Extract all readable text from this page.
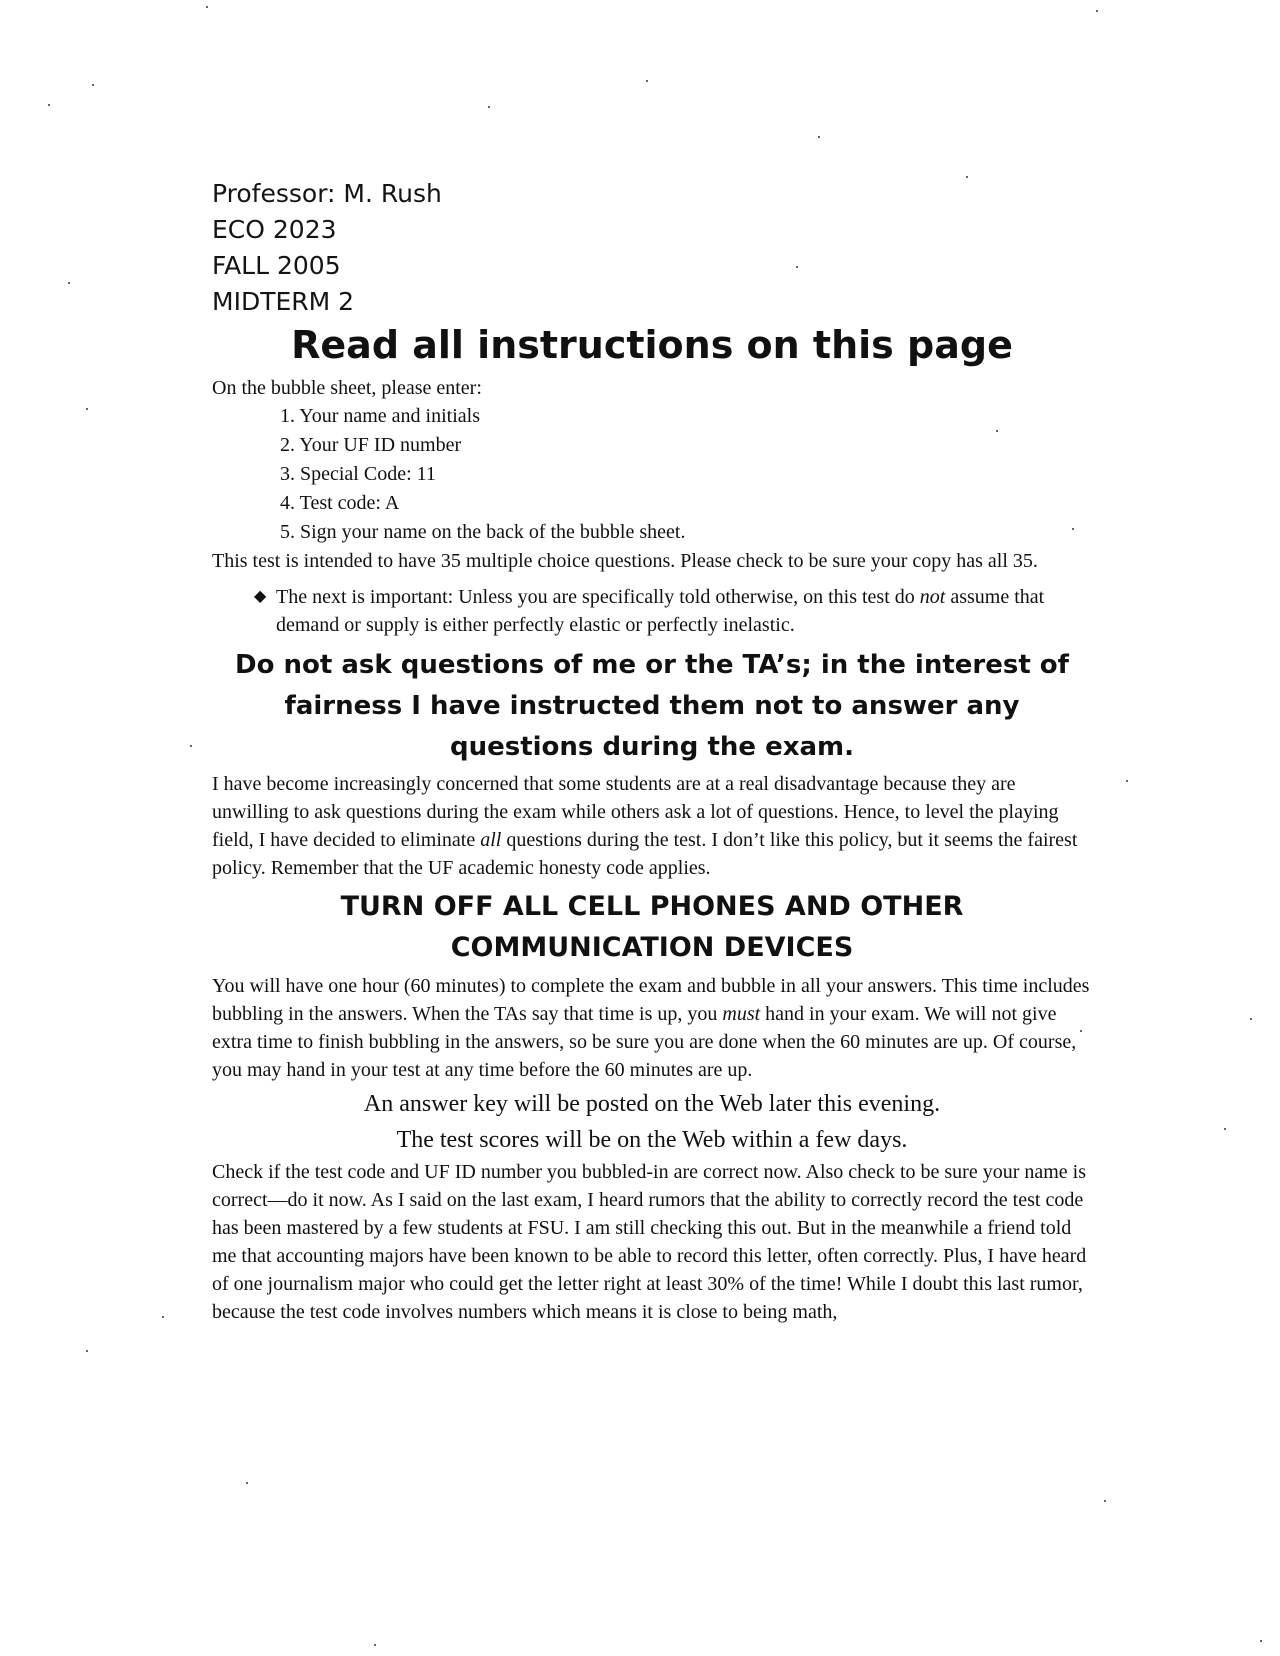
Professor: M. Rush
ECO 2023
FALL 2005
MIDTERM 2
Read all instructions on this page

On the bubble sheet, please enter:

1. Your name and initials
2. Your UF ID number
3. Special Code: 11
4. Test code: A
5. Sign your name on the back of the bubble sheet.

This test is intended to have 35 multiple choice questions. Please check to be sure your copy has all 35.

◆ The next is important: Unless you are specifically told otherwise, on this test do not assume that demand or supply is either perfectly elastic or perfectly inelastic.

Do not ask questions of me or the TA’s; in the interest of fairness I have instructed them not to answer any questions during the exam.

I have become increasingly concerned that some students are at a real disadvantage because they are unwilling to ask questions during the exam while others ask a lot of questions. Hence, to level the playing field, I have decided to eliminate all questions during the test. I don’t like this policy, but it seems the fairest policy. Remember that the UF academic honesty code applies.

TURN OFF ALL CELL PHONES AND OTHER COMMUNICATION DEVICES

You will have one hour (60 minutes) to complete the exam and bubble in all your answers. This time includes bubbling in the answers. When the TAs say that time is up, you must hand in your exam. We will not give extra time to finish bubbling in the answers, so be sure you are done when the 60 minutes are up. Of course, you may hand in your test at any time before the 60 minutes are up.

An answer key will be posted on the Web later this evening.
The test scores will be on the Web within a few days.

Check if the test code and UF ID number you bubbled-in are correct now. Also check to be sure your name is correct—do it now. As I said on the last exam, I heard rumors that the ability to correctly record the test code has been mastered by a few students at FSU. I am still checking this out. But in the meanwhile a friend told me that accounting majors have been known to be able to record this letter, often correctly. Plus, I have heard of one journalism major who could get the letter right at least 30% of the time! While I doubt this last rumor, because the test code involves numbers which means it is close to being math,
